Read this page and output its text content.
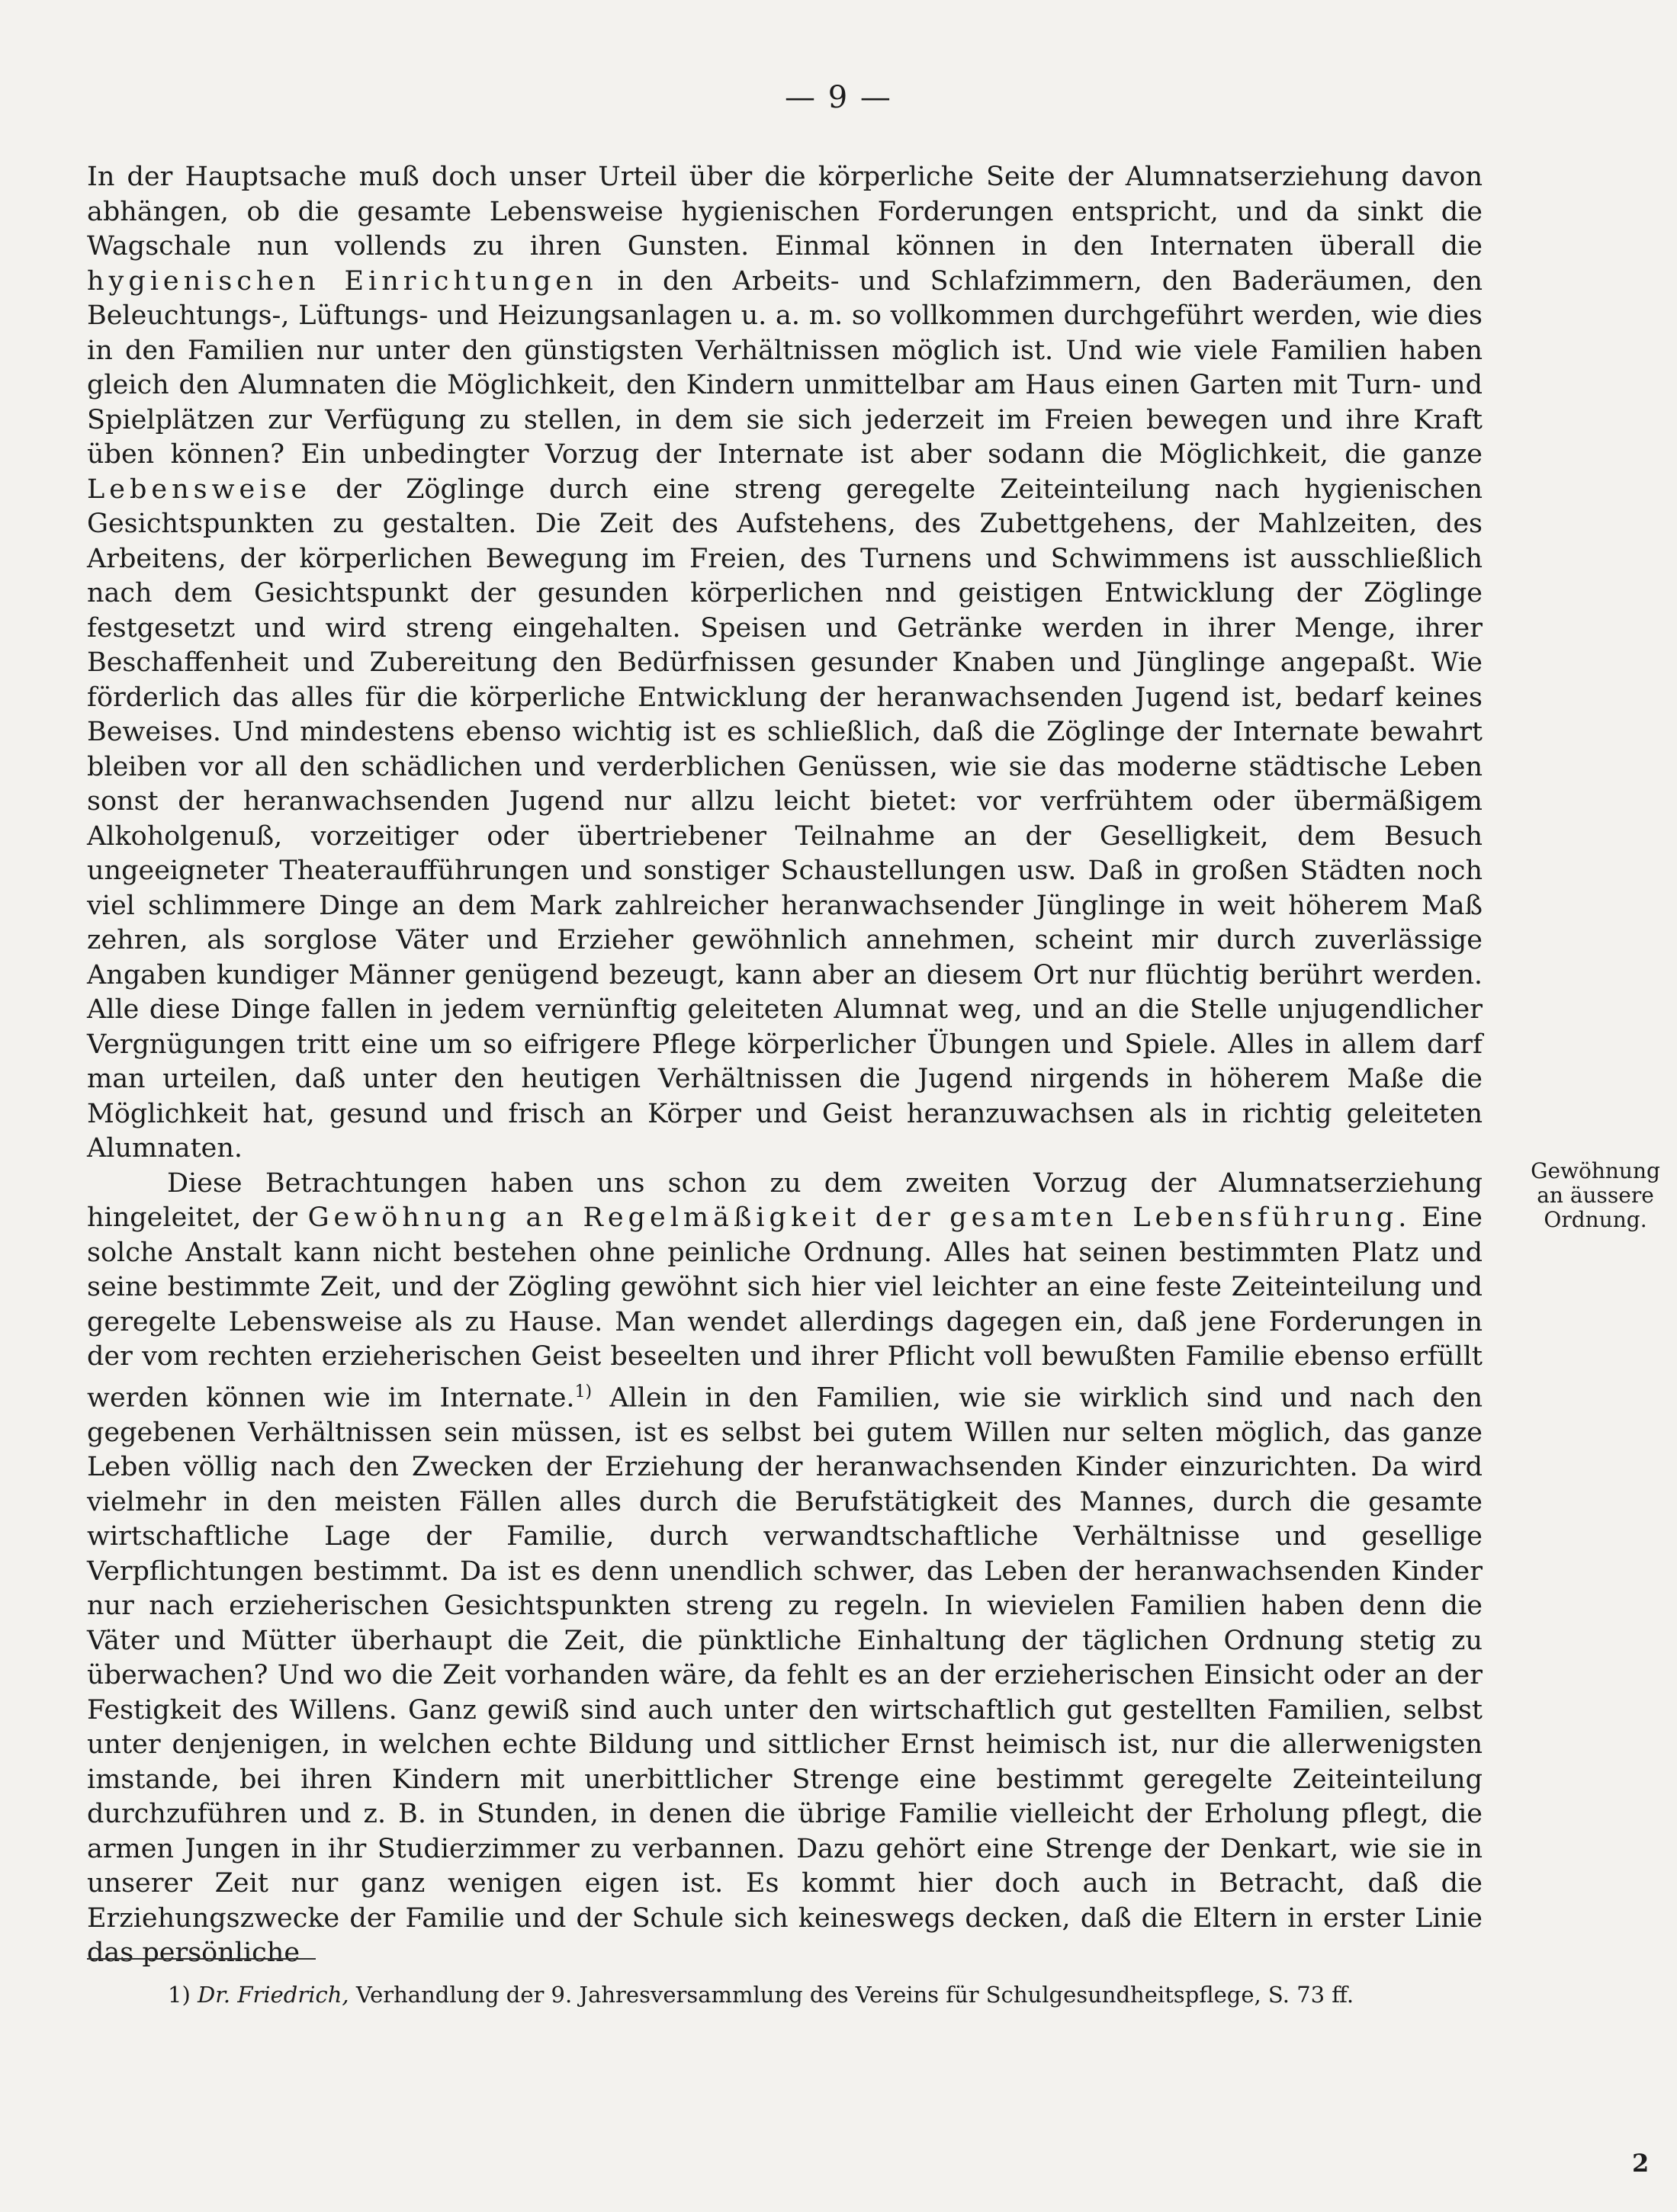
— 9 —

In der Hauptsache muß doch unser Urteil über die körperliche Seite der Alumnatserziehung davon abhängen, ob die gesamte Lebensweise hygienischen Forderungen entspricht, und da sinkt die Wagschale nun vollends zu ihren Gunsten. Einmal können in den Internaten überall die hygienischen Einrichtungen in den Arbeits- und Schlafzimmern, den Baderäumen, den Beleuchtungs-, Lüftungs- und Heizungsanlagen u. a. m. so vollkommen durchgeführt werden, wie dies in den Familien nur unter den günstigsten Verhältnissen möglich ist. Und wie viele Familien haben gleich den Alumnaten die Möglichkeit, den Kindern unmittelbar am Haus einen Garten mit Turn- und Spielplätzen zur Verfügung zu stellen, in dem sie sich jederzeit im Freien bewegen und ihre Kraft üben können? Ein unbedingter Vorzug der Internate ist aber sodann die Möglichkeit, die ganze Lebensweise der Zöglinge durch eine streng geregelte Zeiteinteilung nach hygienischen Gesichtspunkten zu gestalten. Die Zeit des Aufstehens, des Zubettgehens, der Mahlzeiten, des Arbeitens, der körperlichen Bewegung im Freien, des Turnens und Schwimmens ist ausschließlich nach dem Gesichtspunkt der gesunden körperlichen nnd geistigen Entwicklung der Zöglinge festgesetzt und wird streng eingehalten. Speisen und Getränke werden in ihrer Menge, ihrer Beschaffenheit und Zubereitung den Bedürfnissen gesunder Knaben und Jünglinge angepaßt. Wie förderlich das alles für die körperliche Entwicklung der heranwachsenden Jugend ist, bedarf keines Beweises. Und mindestens ebenso wichtig ist es schließlich, daß die Zöglinge der Internate bewahrt bleiben vor all den schädlichen und verderblichen Genüssen, wie sie das moderne städtische Leben sonst der heranwachsenden Jugend nur allzu leicht bietet: vor verfrühtem oder übermäßigem Alkoholgenuß, vorzeitiger oder übertriebener Teilnahme an der Geselligkeit, dem Besuch ungeeigneter Theateraufführungen und sonstiger Schaustellungen usw. Daß in großen Städten noch viel schlimmere Dinge an dem Mark zahlreicher heranwachsender Jünglinge in weit höherem Maß zehren, als sorglose Väter und Erzieher gewöhnlich annehmen, scheint mir durch zuverlässige Angaben kundiger Männer genügend bezeugt, kann aber an diesem Ort nur flüchtig berührt werden. Alle diese Dinge fallen in jedem vernünftig geleiteten Alumnat weg, und an die Stelle unjugendlicher Vergnügungen tritt eine um so eifrigere Pflege körperlicher Übungen und Spiele. Alles in allem darf man urteilen, daß unter den heutigen Verhältnissen die Jugend nirgends in höherem Maße die Möglichkeit hat, gesund und frisch an Körper und Geist heranzuwachsen als in richtig geleiteten Alumnaten.

Diese Betrachtungen haben uns schon zu dem zweiten Vorzug der Alumnatserziehung hingeleitet, der Gewöhnung an Regelmäßigkeit der gesamten Lebensführung. Eine solche Anstalt kann nicht bestehen ohne peinliche Ordnung. Alles hat seinen bestimmten Platz und seine bestimmte Zeit, und der Zögling gewöhnt sich hier viel leichter an eine feste Zeiteinteilung und geregelte Lebensweise als zu Hause. Man wendet allerdings dagegen ein, daß jene Forderungen in der vom rechten erzieherischen Geist beseelten und ihrer Pflicht voll bewußten Familie ebenso erfüllt werden können wie im Internate.$^{1)}$ Allein in den Familien, wie sie wirklich sind und nach den gegebenen Verhältnissen sein müssen, ist es selbst bei gutem Willen nur selten möglich, das ganze Leben völlig nach den Zwecken der Erziehung der heranwachsenden Kinder einzurichten. Da wird vielmehr in den meisten Fällen alles durch die Berufstätigkeit des Mannes, durch die gesamte wirtschaftliche Lage der Familie, durch verwandtschaftliche Verhältnisse und gesellige Verpflichtungen bestimmt. Da ist es denn unendlich schwer, das Leben der heranwachsenden Kinder nur nach erzieherischen Gesichtspunkten streng zu regeln. In wievielen Familien haben denn die Väter und Mütter überhaupt die Zeit, die pünktliche Einhaltung der täglichen Ordnung stetig zu überwachen? Und wo die Zeit vorhanden wäre, da fehlt es an der erzieherischen Einsicht oder an der Festigkeit des Willens. Ganz gewiß sind auch unter den wirtschaftlich gut gestellten Familien, selbst unter denjenigen, in welchen echte Bildung und sittlicher Ernst heimisch ist, nur die allerwenigsten imstande, bei ihren Kindern mit unerbittlicher Strenge eine bestimmt geregelte Zeiteinteilung durchzuführen und z. B. in Stunden, in denen die übrige Familie vielleicht der Erholung pflegt, die armen Jungen in ihr Studierzimmer zu verbannen. Dazu gehört eine Strenge der Denkart, wie sie in unserer Zeit nur ganz wenigen eigen ist. Es kommt hier doch auch in Betracht, daß die Erziehungszwecke der Familie und der Schule sich keineswegs decken, daß die Eltern in erster Linie das persönliche

Gewöhnung
an äussere
Ordnung.
1) Dr. Friedrich, Verhandlung der 9. Jahresversammlung des Vereins für Schulgesundheitspflege, S. 73 ff.
2
